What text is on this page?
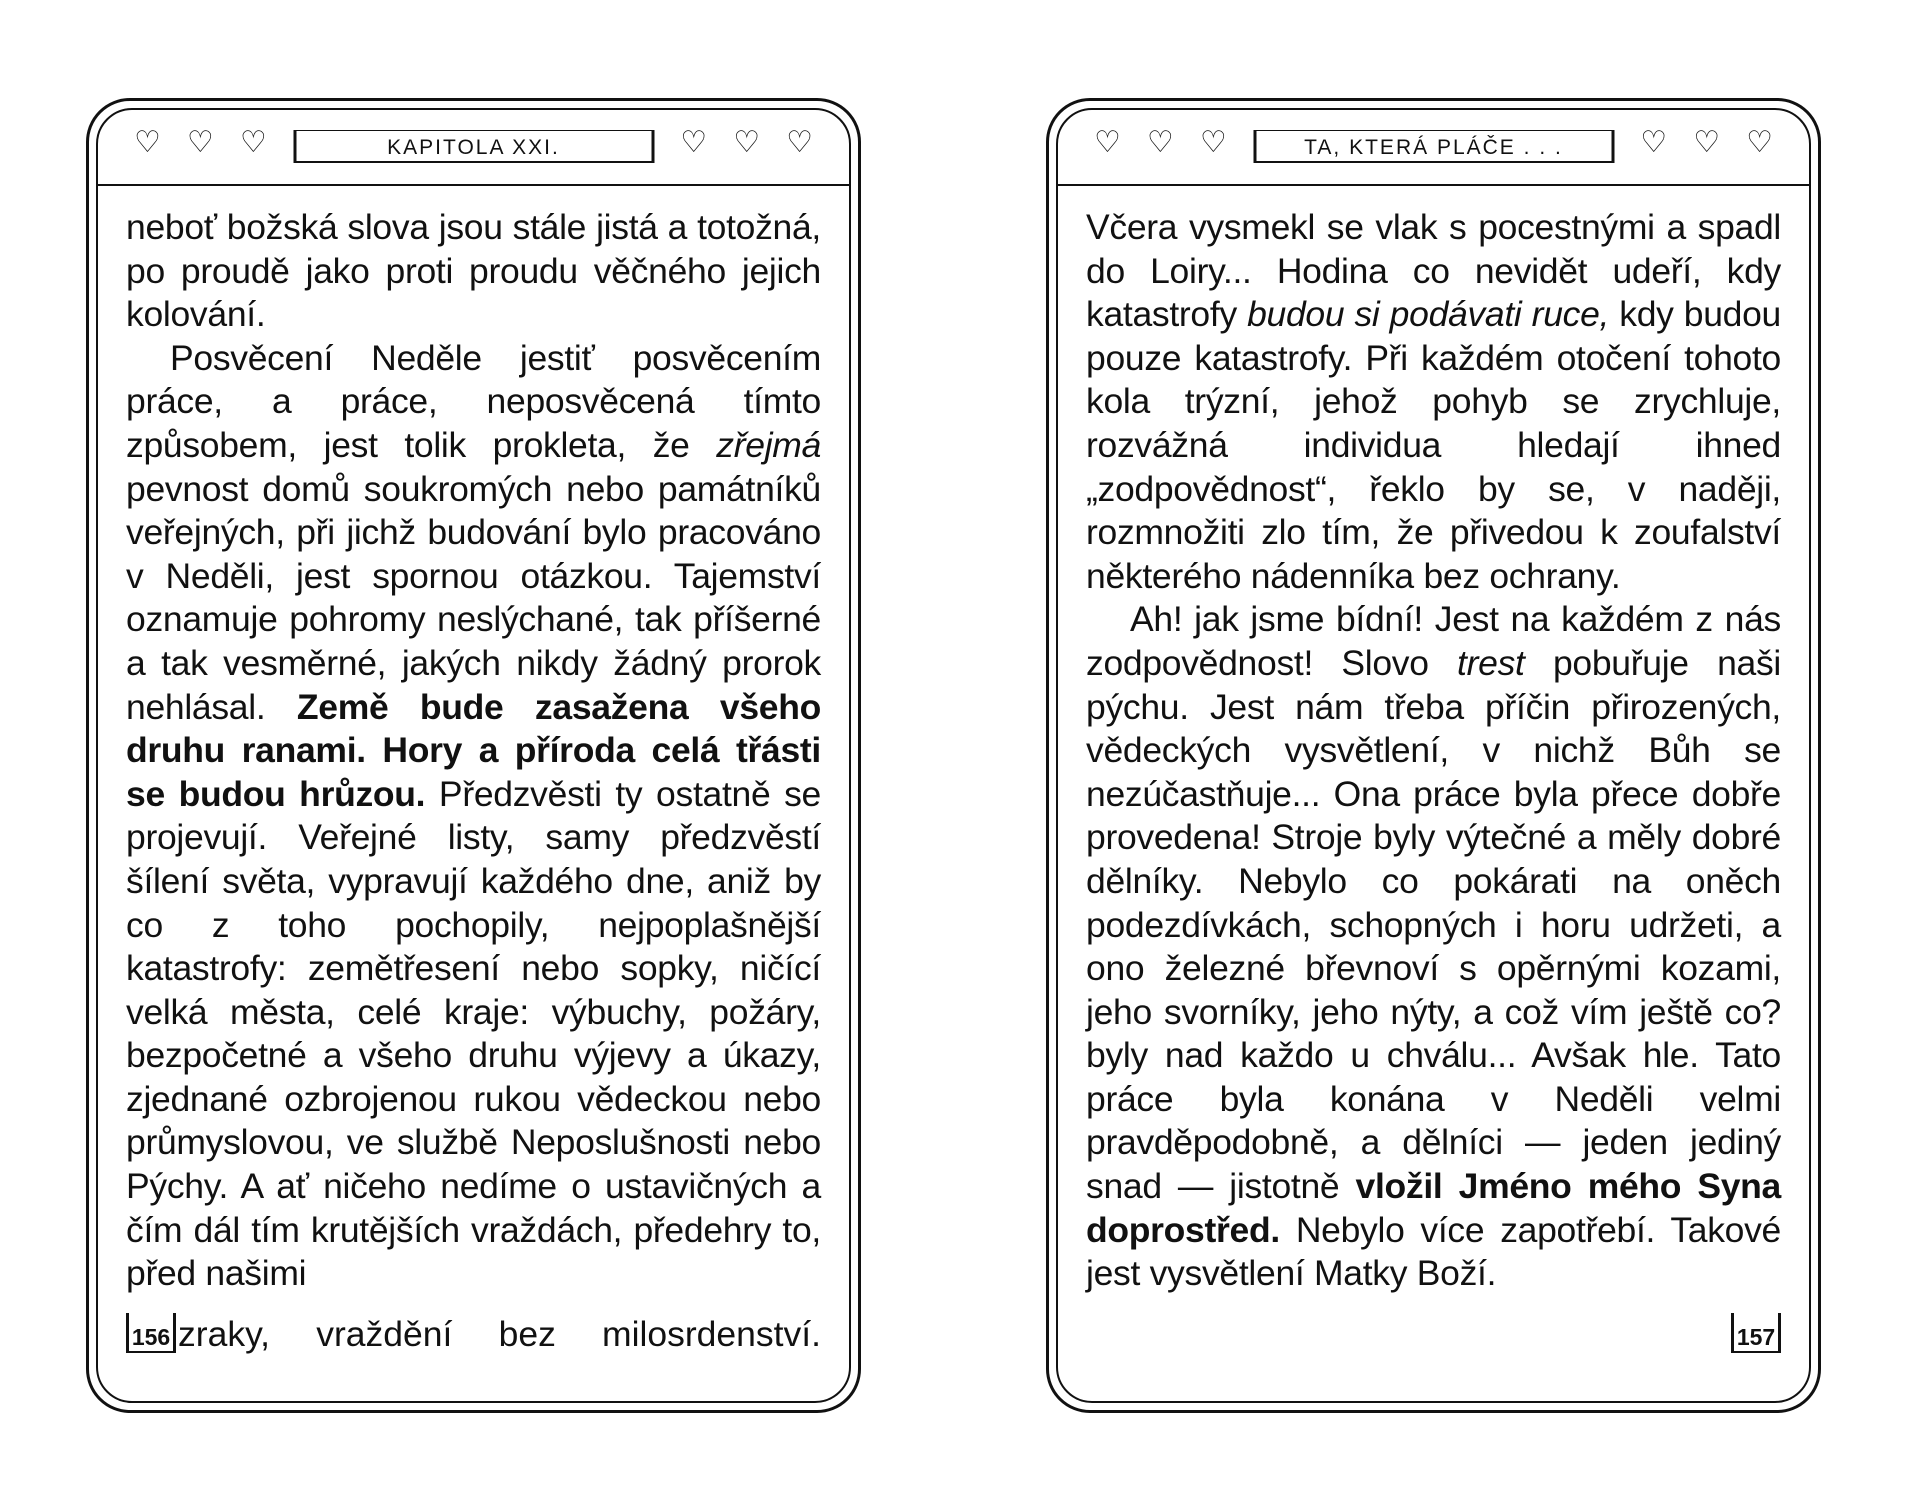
♡ ♡ ♡	KAPITOLA XXI.	♡ ♡ ♡

neboť božská slova jsou stále jistá a totožná, po proudě jako proti proudu věčného jejich kolování.

Posvěcení Neděle jestiť posvěcením práce, a práce, neposvěcená tímto způsobem, jest tolik prokleta, že zřejmá pevnost domů soukromých nebo památníků veřejných, při jichž budování bylo pracováno v Neděli, jest spornou otázkou. Tajemství oznamuje pohromy neslýchané, tak příšerné a tak vesměrné, jakých nikdy žádný prorok nehlásal. Země bude zasažena všeho druhu ranami. Hory a příroda celá třásti se budou hrůzou. Předzvěsti ty ostatně se projevují. Veřejné listy, samy předzvěstí šílení světa, vypravují každého dne, aniž by co z toho pochopily, nejpoplašnější katastrofy: zemětřesení nebo sopky, ničící velká města, celé kraje: výbuchy, požáry, bezpočetné a všeho druhu výjevy a úkazy, zjednané ozbrojenou rukou vědeckou nebo průmyslovou, ve službě Neposlušnosti nebo Pýchy. A ať ničeho nedíme o ustavičných a čím dál tím krutějších vraždách, předehry to, před našimi

156 zraky, vraždění bez milosrdenství.
♡ ♡ ♡	TA, KTERÁ PLÁČE . . .	♡ ♡ ♡

Včera vysmekl se vlak s pocestnými a spadl do Loiry... Hodina co nevidět udeří, kdy katastrofy budou si podávati ruce, kdy budou pouze katastrofy. Při každém otočení tohoto kola trýzní, jehož pohyb se zrychluje, rozvážná individua hledají ihned „zodpovědnost“, řeklo by se, v naději, rozmnožiti zlo tím, že přivedou k zoufalství některého nádenníka bez ochrany.

Ah! jak jsme bídní! Jest na každém z nás zodpovědnost! Slovo trest pobuřuje naši pýchu. Jest nám třeba příčin přirozených, vědeckých vysvětlení, v nichž Bůh se nezúčastňuje... Ona práce byla přece dobře provedena! Stroje byly výtečné a měly dobré dělníky. Nebylo co pokárati na oněch podezdívkách, schopných i horu udržeti, a ono železné břevnoví s opěrnými kozami, jeho svorníky, jeho nýty, a což vím ještě co? byly nad každo u chválu... Avšak hle. Tato práce byla konána v Neděli velmi pravděpodobně, a dělníci — jeden jediný snad — jistotně vložil Jméno mého Syna doprostřed. Nebylo více zapotřebí. Takové jest vysvětlení Matky Boží.

157
